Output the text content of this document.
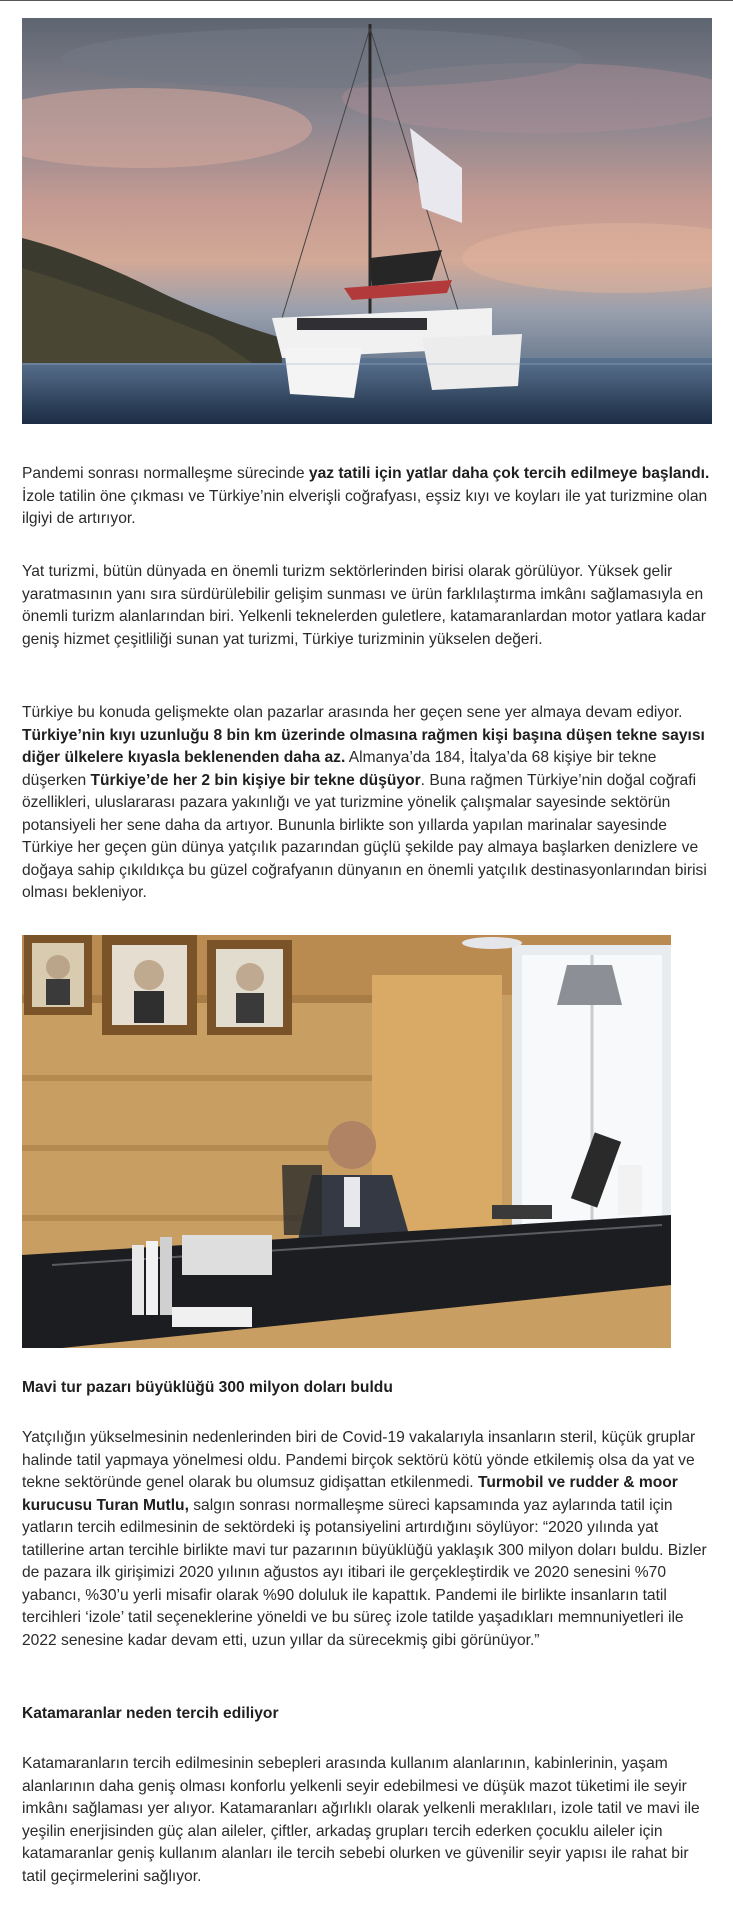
Pandemi sonrası normalleşme sürecinde yaz tatili için yatlar daha çok tercih edilmeye başlandı. İzole tatilin öne çıkması ve Türkiye’nin elverişli coğrafyası, eşsiz kıyı ve koyları ile yat turizmine olan ilgiyi de artırıyor.

Yat turizmi, bütün dünyada en önemli turizm sektörlerinden birisi olarak görülüyor. Yüksek gelir yaratmasının yanı sıra sürdürülebilir gelişim sunması ve ürün farklılaştırma imkânı sağlamasıyla en önemli turizm alanlarından biri. Yelkenli teknelerden guletlere, katamaranlardan motor yatlara kadar geniş hizmet çeşitliliği sunan yat turizmi, Türkiye turizminin yükselen değeri.

Türkiye bu konuda gelişmekte olan pazarlar arasında her geçen sene yer almaya devam ediyor. Türkiye’nin kıyı uzunluğu 8 bin km üzerinde olmasına rağmen kişi başına düşen tekne sayısı diğer ülkelere kıyasla beklenenden daha az. Almanya’da 184, İtalya’da 68 kişiye bir tekne düşerken Türkiye’de her 2 bin kişiye bir tekne düşüyor. Buna rağmen Türkiye’nin doğal coğrafi özellikleri, uluslararası pazara yakınlığı ve yat turizmine yönelik çalışmalar sayesinde sektörün potansiyeli her sene daha da artıyor. Bununla birlikte son yıllarda yapılan marinalar sayesinde Türkiye her geçen gün dünya yatçılık pazarından güçlü şekilde pay almaya başlarken denizlere ve doğaya sahip çıkıldıkça bu güzel coğrafyanın dünyanın en önemli yatçılık destinasyonlarından birisi olması bekleniyor.

Mavi tur pazarı büyüklüğü 300 milyon doları buldu

Yatçılığın yükselmesinin nedenlerinden biri de Covid-19 vakalarıyla insanların steril, küçük gruplar halinde tatil yapmaya yönelmesi oldu. Pandemi birçok sektörü kötü yönde etkilemiş olsa da yat ve tekne sektöründe genel olarak bu olumsuz gidişattan etkilenmedi. Turmobil ve rudder & moor kurucusu Turan Mutlu, salgın sonrası normalleşme süreci kapsamında yaz aylarında tatil için yatların tercih edilmesinin de sektördeki iş potansiyelini artırdığını söylüyor: “2020 yılında yat tatillerine artan tercihle birlikte mavi tur pazarının büyüklüğü yaklaşık 300 milyon doları buldu. Bizler de pazara ilk girişimizi 2020 yılının ağustos ayı itibari ile gerçekleştirdik ve 2020 senesini %70 yabancı, %30’u yerli misafir olarak %90 doluluk ile kapattık. Pandemi ile birlikte insanların tatil tercihleri ‘izole’ tatil seçeneklerine yöneldi ve bu süreç izole tatilde yaşadıkları memnuniyetleri ile 2022 senesine kadar devam etti, uzun yıllar da sürecekmiş gibi görünüyor.”

Katamaranlar neden tercih ediliyor

Katamaranların tercih edilmesinin sebepleri arasında kullanım alanlarının, kabinlerinin, yaşam alanlarının daha geniş olması konforlu yelkenli seyir edebilmesi ve düşük mazot tüketimi ile seyir imkânı sağlaması yer alıyor. Katamaranları ağırlıklı olarak yelkenli meraklıları, izole tatil ve mavi ile yeşilin enerjisinden güç alan aileler, çiftler, arkadaş grupları tercih ederken çocuklu aileler için katamaranlar geniş kullanım alanları ile tercih sebebi olurken ve güvenilir seyir yapısı ile rahat bir tatil geçirmelerini sağlıyor.
